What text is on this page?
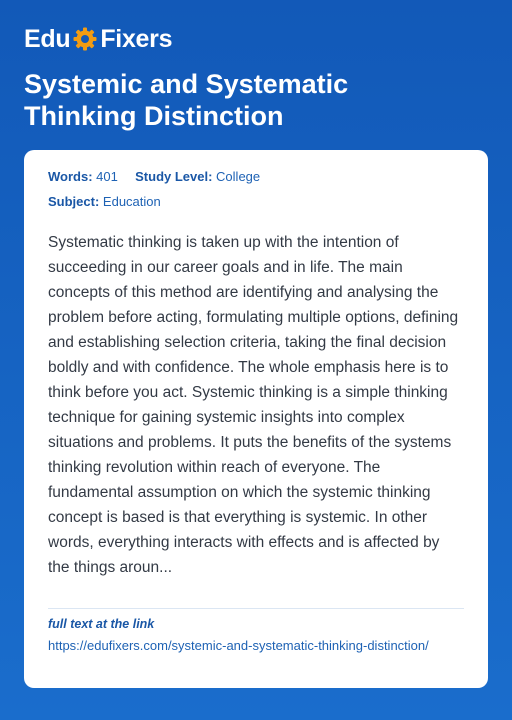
Edu Fixers
Systemic and Systematic
Thinking Distinction
Words: 401 Study Level: College
Subject: Education
Systematic thinking is taken up with the intention of succeeding in our career goals and in life. The main concepts of this method are identifying and analysing the problem before acting, formulating multiple options, defining and establishing selection criteria, taking the final decision boldly and with confidence. The whole emphasis here is to think before you act. Systemic thinking is a simple thinking technique for gaining systemic insights into complex situations and problems. It puts the benefits of the systems thinking revolution within reach of everyone. The fundamental assumption on which the systemic thinking concept is based is that everything is systemic. In other words, everything interacts with effects and is affected by the things aroun...
full text at the link
https://edufixers.com/systemic-and-systematic-thinking-distinction/
